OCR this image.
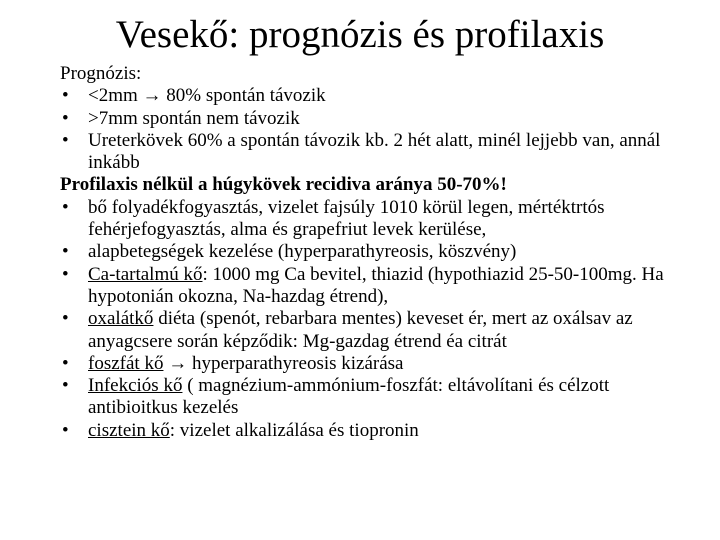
Vesekő: prognózis és profilaxis

Prognózis:

• <2mm → 80% spontán távozik
• >7mm spontán nem távozik
• Ureterkövek 60% a spontán távozik kb. 2 hét alatt, minél lejjebb van, annál inkább

Profilaxis nélkül a húgykövek recidiva aránya 50-70%!

• bő folyadékfogyasztás, vizelet fajsúly 1010 körül legen, mértéktrtós fehérjefogyasztás, alma és grapefriut levek kerülése,
• alapbetegségek kezelése (hyperparathyreosis, köszvény)
• Ca-tartalmú kő: 1000 mg Ca bevitel, thiazid (hypothiazid 25-50-100mg. Ha hypotonián okozna, Na-hazdag étrend),
• oxalátkő diéta (spenót, rebarbara mentes) keveset ér, mert az oxálsav az anyagcsere során képződik: Mg-gazdag étrend éa citrát
• foszfát kő → hyperparathyreosis kizárása
• Infekciós kő ( magnézium-ammónium-foszfát: eltávolítani és célzott antibioitkus kezelés
• cisztein kő: vizelet alkalizálása és tiopronin
